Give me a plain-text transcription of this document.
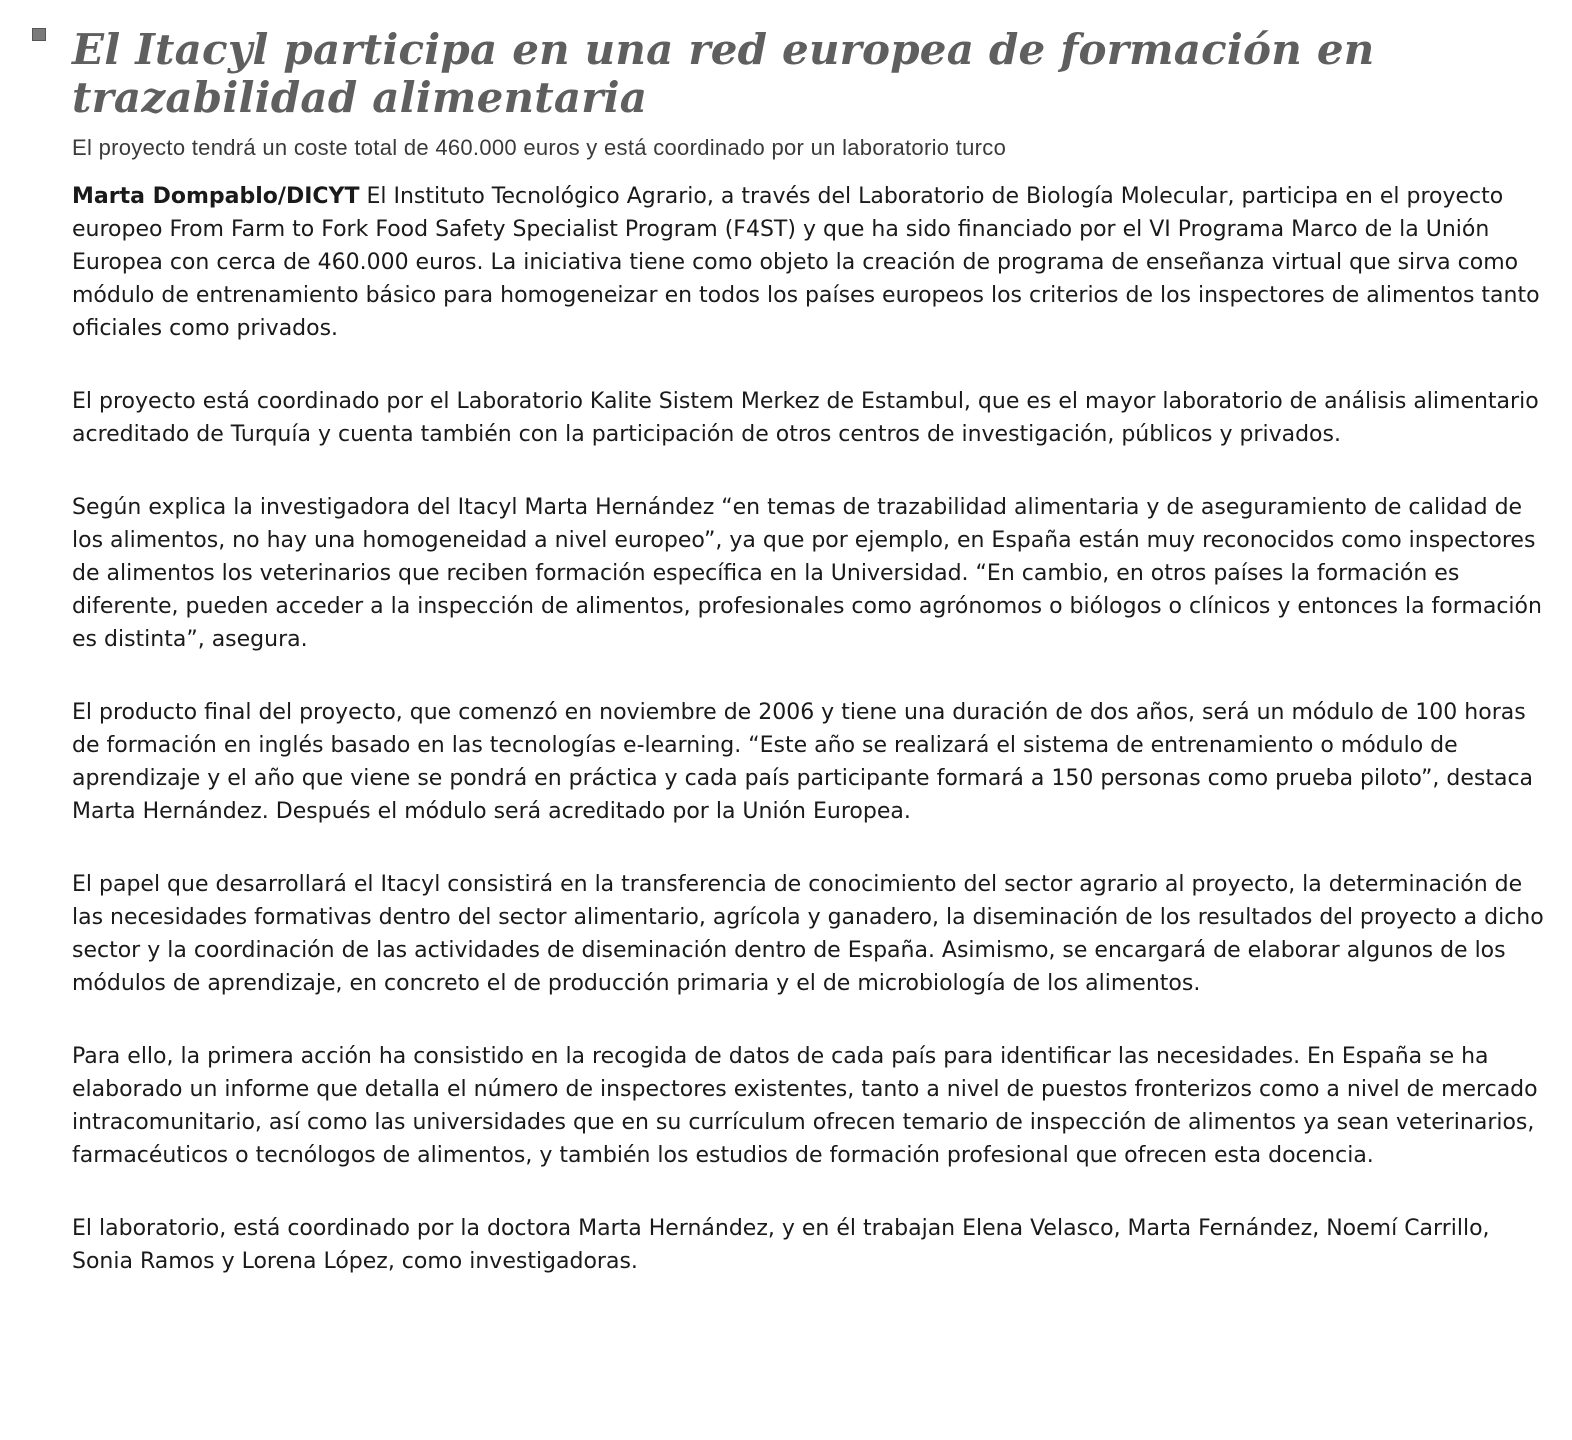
El Itacyl participa en una red europea de formación en trazabilidad alimentaria

El proyecto tendrá un coste total de 460.000 euros y está coordinado por un laboratorio turco

Marta Dompablo/DICYT El Instituto Tecnológico Agrario, a través del Laboratorio de Biología Molecular, participa en el proyecto europeo From Farm to Fork Food Safety Specialist Program (F4ST) y que ha sido financiado por el VI Programa Marco de la Unión Europea con cerca de 460.000 euros. La iniciativa tiene como objeto la creación de programa de enseñanza virtual que sirva como módulo de entrenamiento básico para homogeneizar en todos los países europeos los criterios de los inspectores de alimentos tanto oficiales como privados.

El proyecto está coordinado por el Laboratorio Kalite Sistem Merkez de Estambul, que es el mayor laboratorio de análisis alimentario acreditado de Turquía y cuenta también con la participación de otros centros de investigación, públicos y privados.

Según explica la investigadora del Itacyl Marta Hernández “en temas de trazabilidad alimentaria y de aseguramiento de calidad de los alimentos, no hay una homogeneidad a nivel europeo”, ya que por ejemplo, en España están muy reconocidos como inspectores de alimentos los veterinarios que reciben formación específica en la Universidad. “En cambio, en otros países la formación es diferente, pueden acceder a la inspección de alimentos, profesionales como agrónomos o biólogos o clínicos y entonces la formación es distinta”, asegura.

El producto final del proyecto, que comenzó en noviembre de 2006 y tiene una duración de dos años, será un módulo de 100 horas de formación en inglés basado en las tecnologías e-learning. “Este año se realizará el sistema de entrenamiento o módulo de aprendizaje y el año que viene se pondrá en práctica y cada país participante formará a 150 personas como prueba piloto”, destaca Marta Hernández. Después el módulo será acreditado por la Unión Europea.

El papel que desarrollará el Itacyl consistirá en la transferencia de conocimiento del sector agrario al proyecto, la determinación de las necesidades formativas dentro del sector alimentario, agrícola y ganadero, la diseminación de los resultados del proyecto a dicho sector y la coordinación de las actividades de diseminación dentro de España. Asimismo, se encargará de elaborar algunos de los módulos de aprendizaje, en concreto el de producción primaria y el de microbiología de los alimentos.

Para ello, la primera acción ha consistido en la recogida de datos de cada país para identificar las necesidades. En España se ha elaborado un informe que detalla el número de inspectores existentes, tanto a nivel de puestos fronterizos como a nivel de mercado intracomunitario, así como las universidades que en su currículum ofrecen temario de inspección de alimentos ya sean veterinarios, farmacéuticos o tecnólogos de alimentos, y también los estudios de formación profesional que ofrecen esta docencia.

El laboratorio, está coordinado por la doctora Marta Hernández, y en él trabajan Elena Velasco, Marta Fernández, Noemí Carrillo, Sonia Ramos y Lorena López, como investigadoras.
